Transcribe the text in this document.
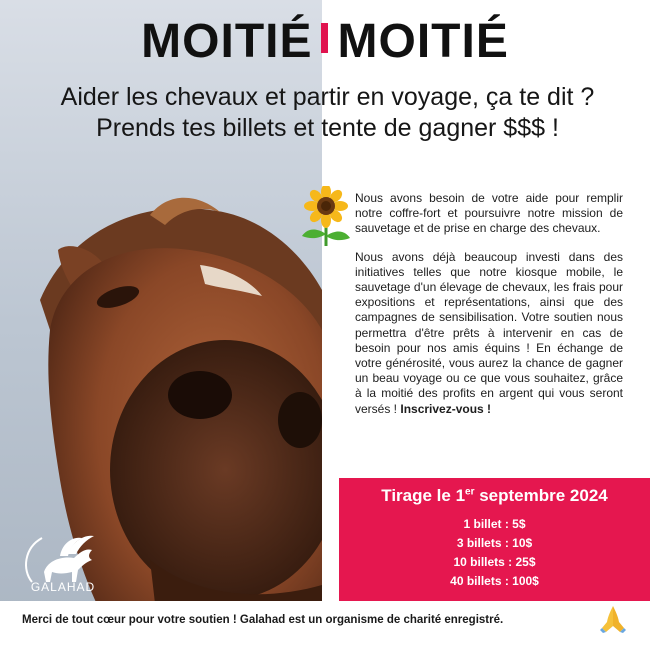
MOITIÉ MOITIÉ
Aider les chevaux et partir en voyage, ça te dit ? Prends tes billets et tente de gagner $$$ !

Nous avons besoin de votre aide pour remplir notre coffre-fort et poursuivre notre mission de sauvetage et de prise en charge des chevaux.

Nous avons déjà beaucoup investi dans des initiatives telles que notre kiosque mobile, le sauvetage d'un élevage de chevaux, les frais pour expositions et représentations, ainsi que des campagnes de sensibilisation. Votre soutien nous permettra d'être prêts à intervenir en cas de besoin pour nos amis équins ! En échange de votre générosité, vous aurez la chance de gagner un beau voyage ou ce que vous souhaitez, grâce à la moitié des profits en argent qui vous seront versés ! Inscrivez-vous !

Tirage le 1er septembre 2024
1 billet : 5$
3 billets : 10$
10 billets : 25$
40 billets : 100$
GALAHAD
Merci de tout cœur pour votre soutien ! Galahad est un organisme de charité enregistré.
